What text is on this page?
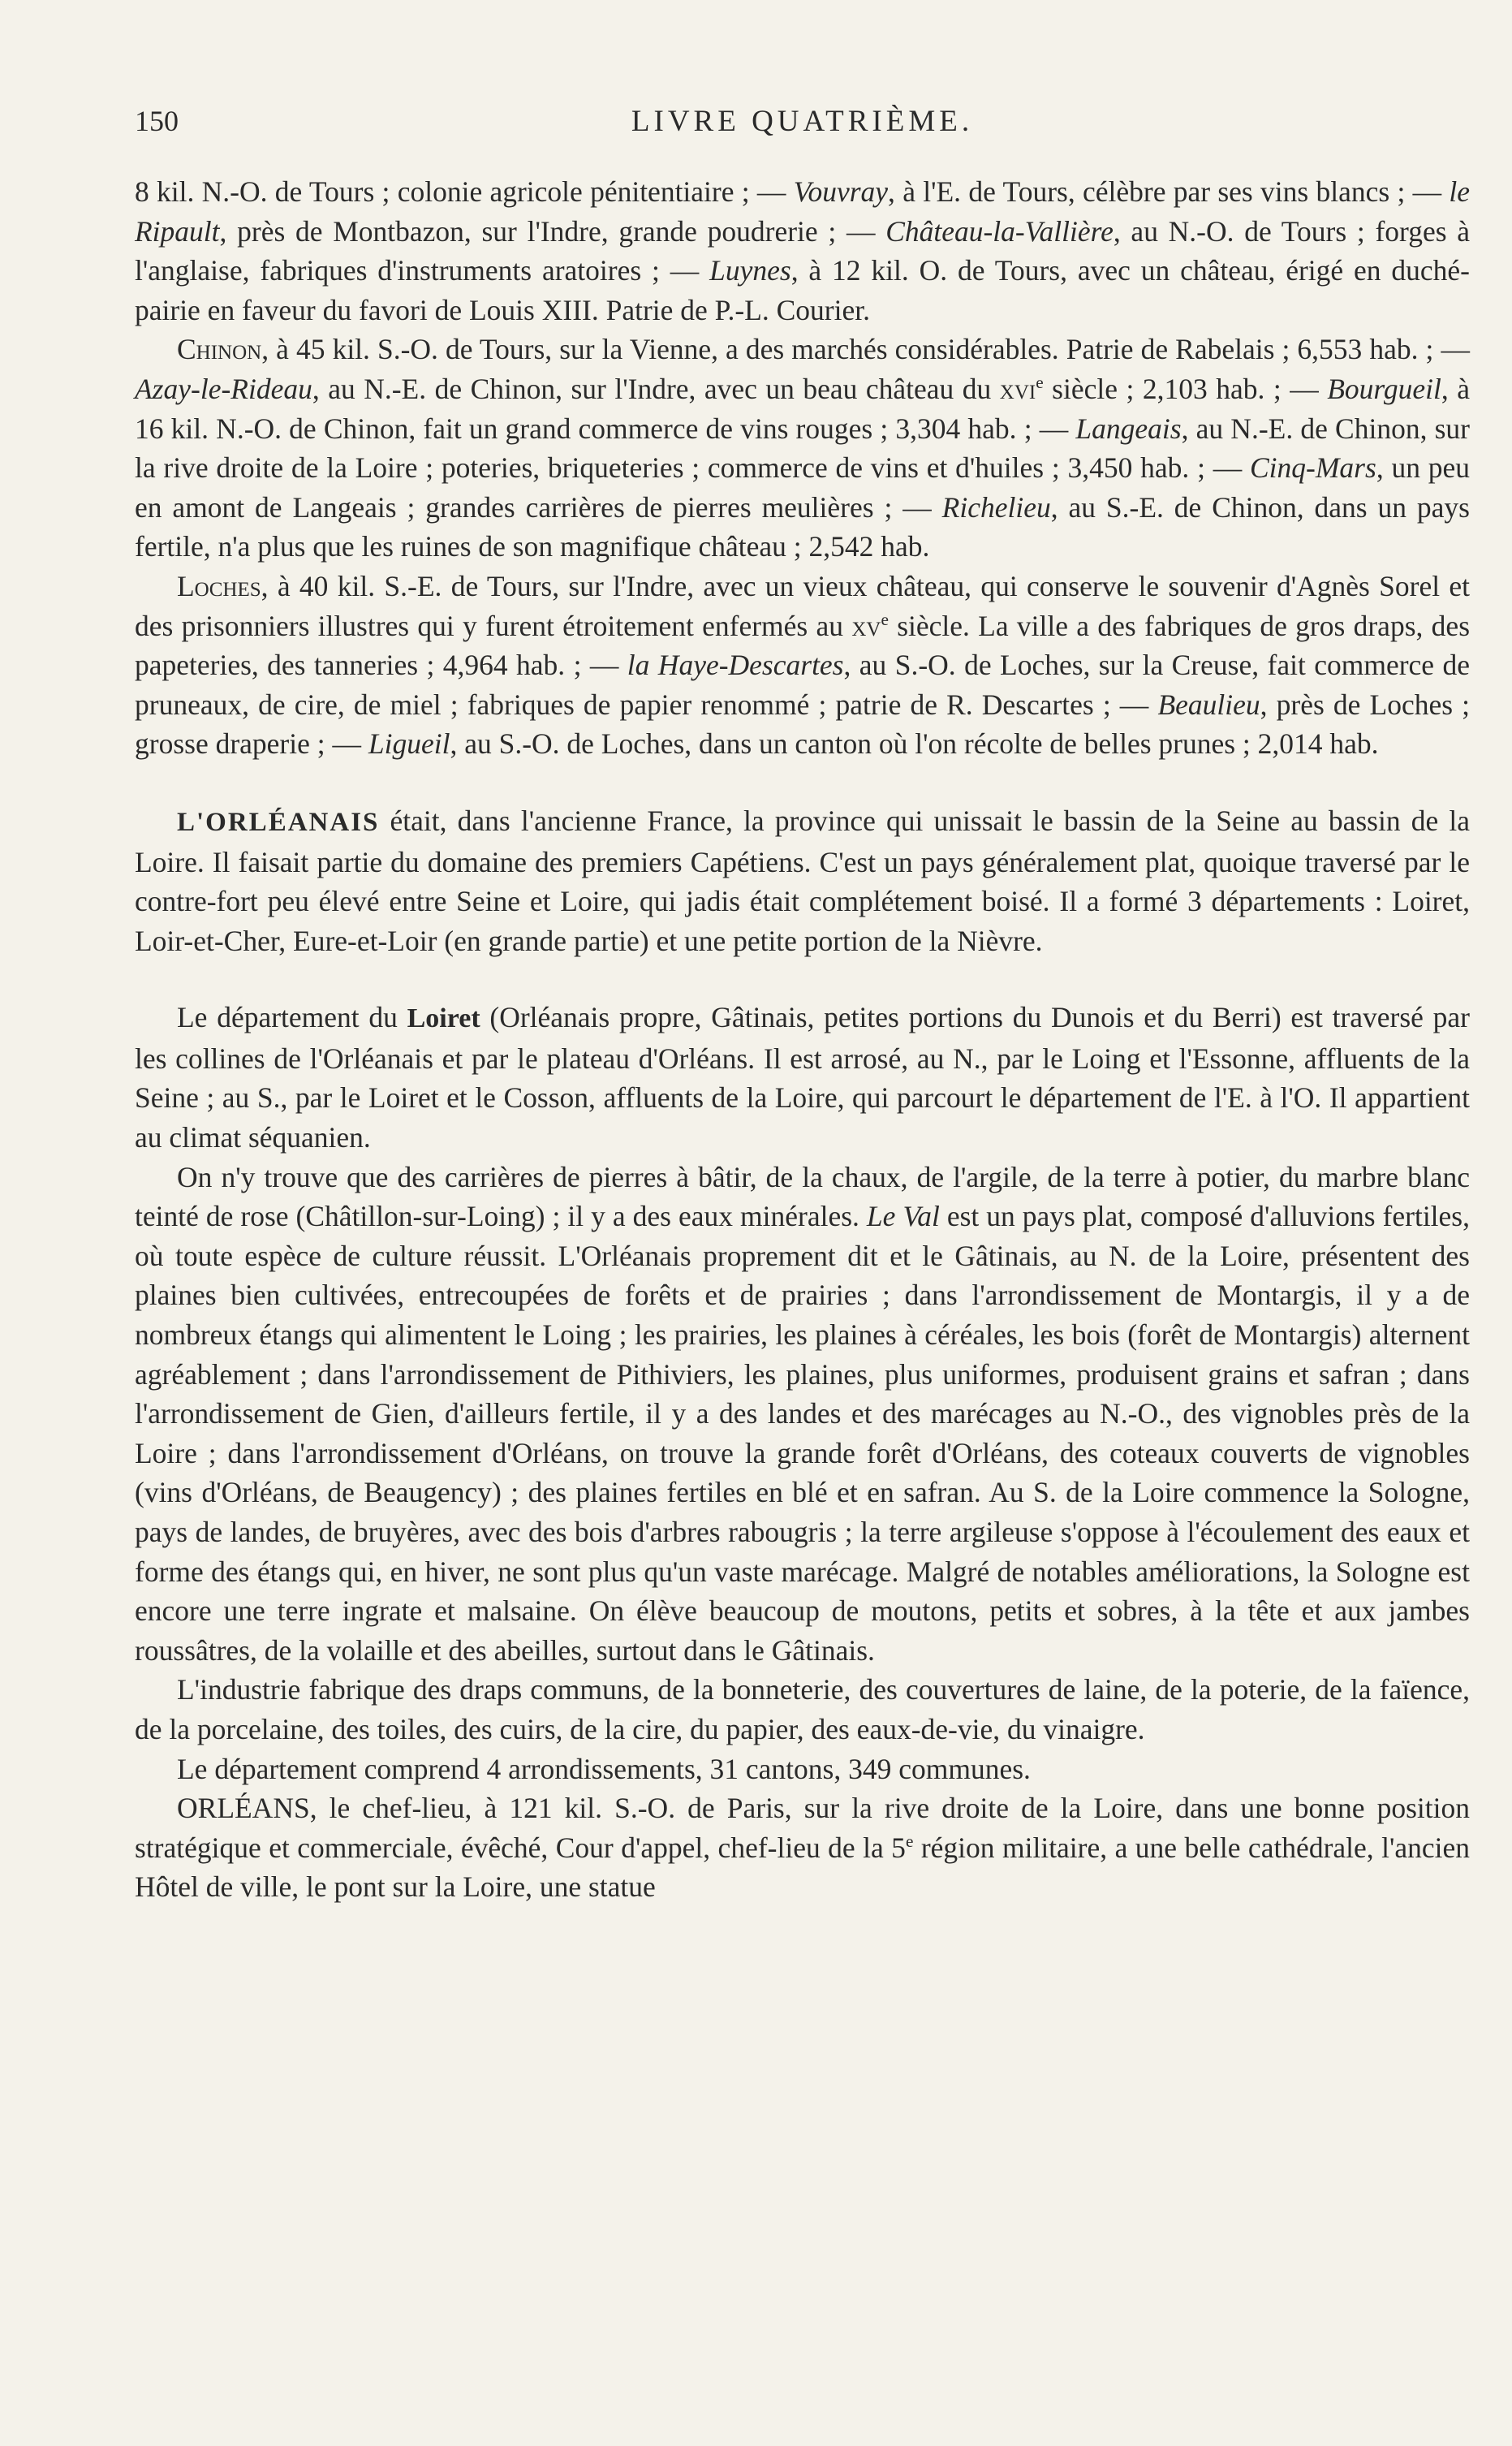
150	LIVRE QUATRIÈME.

8 kil. N.-O. de Tours ; colonie agricole pénitentiaire ; — Vouvray, à l'E. de Tours, célèbre par ses vins blancs ; — le Ripault, près de Montbazon, sur l'Indre, grande poudrerie ; — Château-la-Vallière, au N.-O. de Tours ; forges à l'anglaise, fabriques d'instruments aratoires ; — Luynes, à 12 kil. O. de Tours, avec un château, érigé en duché-pairie en faveur du favori de Louis XIII. Patrie de P.-L. Courier.

Chinon, à 45 kil. S.-O. de Tours, sur la Vienne, a des marchés considérables. Patrie de Rabelais ; 6,553 hab. ; — Azay-le-Rideau, au N.-E. de Chinon, sur l'Indre, avec un beau château du xvi$^e$ siècle ; 2,103 hab. ; — Bourgueil, à 16 kil. N.-O. de Chinon, fait un grand commerce de vins rouges ; 3,304 hab. ; — Langeais, au N.-E. de Chinon, sur la rive droite de la Loire ; poteries, briqueteries ; commerce de vins et d'huiles ; 3,450 hab. ; — Cinq-Mars, un peu en amont de Langeais ; grandes carrières de pierres meulières ; — Richelieu, au S.-E. de Chinon, dans un pays fertile, n'a plus que les ruines de son magnifique château ; 2,542 hab.

Loches, à 40 kil. S.-E. de Tours, sur l'Indre, avec un vieux château, qui conserve le souvenir d'Agnès Sorel et des prisonniers illustres qui y furent étroitement enfermés au $xv^e$ siècle. La ville a des fabriques de gros draps, des papeteries, des tanneries ; 4,964 hab. ; — la Haye-Descartes, au S.-O. de Loches, sur la Creuse, fait commerce de pruneaux, de cire, de miel ; fabriques de papier renommé ; patrie de R. Descartes ; — Beaulieu, près de Loches ; grosse draperie ; — Ligueil, au S.-O. de Loches, dans un canton où l'on récolte de belles prunes ; 2,014 hab.

L'ORLÉANAIS était, dans l'ancienne France, la province qui unissait le bassin de la Seine au bassin de la Loire. Il faisait partie du domaine des premiers Capétiens. C'est un pays généralement plat, quoique traversé par le contre-fort peu élevé entre Seine et Loire, qui jadis était complétement boisé. Il a formé 3 départements : Loiret, Loir-et-Cher, Eure-et-Loir (en grande partie) et une petite portion de la Nièvre.

Le département du Loiret (Orléanais propre, Gâtinais, petites portions du Dunois et du Berri) est traversé par les collines de l'Orléanais et par le plateau d'Orléans. Il est arrosé, au N., par le Loing et l'Essonne, affluents de la Seine ; au S., par le Loiret et le Cosson, affluents de la Loire, qui parcourt le département de l'E. à l'O. Il appartient au climat séquanien.

On n'y trouve que des carrières de pierres à bâtir, de la chaux, de l'argile, de la terre à potier, du marbre blanc teinté de rose (Châtillon-sur-Loing) ; il y a des eaux minérales. Le Val est un pays plat, composé d'alluvions fertiles, où toute espèce de culture réussit. L'Orléanais proprement dit et le Gâtinais, au N. de la Loire, présentent des plaines bien cultivées, entrecoupées de forêts et de prairies ; dans l'arrondissement de Montargis, il y a de nombreux étangs qui alimentent le Loing ; les prairies, les plaines à céréales, les bois (forêt de Montargis) alternent agréablement ; dans l'arrondissement de Pithiviers, les plaines, plus uniformes, produisent grains et safran ; dans l'arrondissement de Gien, d'ailleurs fertile, il y a des landes et des marécages au N.-O., des vignobles près de la Loire ; dans l'arrondissement d'Orléans, on trouve la grande forêt d'Orléans, des coteaux couverts de vignobles (vins d'Orléans, de Beaugency) ; des plaines fertiles en blé et en safran. Au S. de la Loire commence la Sologne, pays de landes, de bruyères, avec des bois d'arbres rabougris ; la terre argileuse s'oppose à l'écoulement des eaux et forme des étangs qui, en hiver, ne sont plus qu'un vaste marécage. Malgré de notables améliorations, la Sologne est encore une terre ingrate et malsaine. On élève beaucoup de moutons, petits et sobres, à la tête et aux jambes roussâtres, de la volaille et des abeilles, surtout dans le Gâtinais.

L'industrie fabrique des draps communs, de la bonneterie, des couvertures de laine, de la poterie, de la faïence, de la porcelaine, des toiles, des cuirs, de la cire, du papier, des eaux-de-vie, du vinaigre.

Le département comprend 4 arrondissements, 31 cantons, 349 communes.

ORLÉANS, le chef-lieu, à 121 kil. S.-O. de Paris, sur la rive droite de la Loire, dans une bonne position stratégique et commerciale, évêché, Cour d'appel, chef-lieu de la 5e région militaire, a une belle cathédrale, l'ancien Hôtel de ville, le pont sur la Loire, une statue
